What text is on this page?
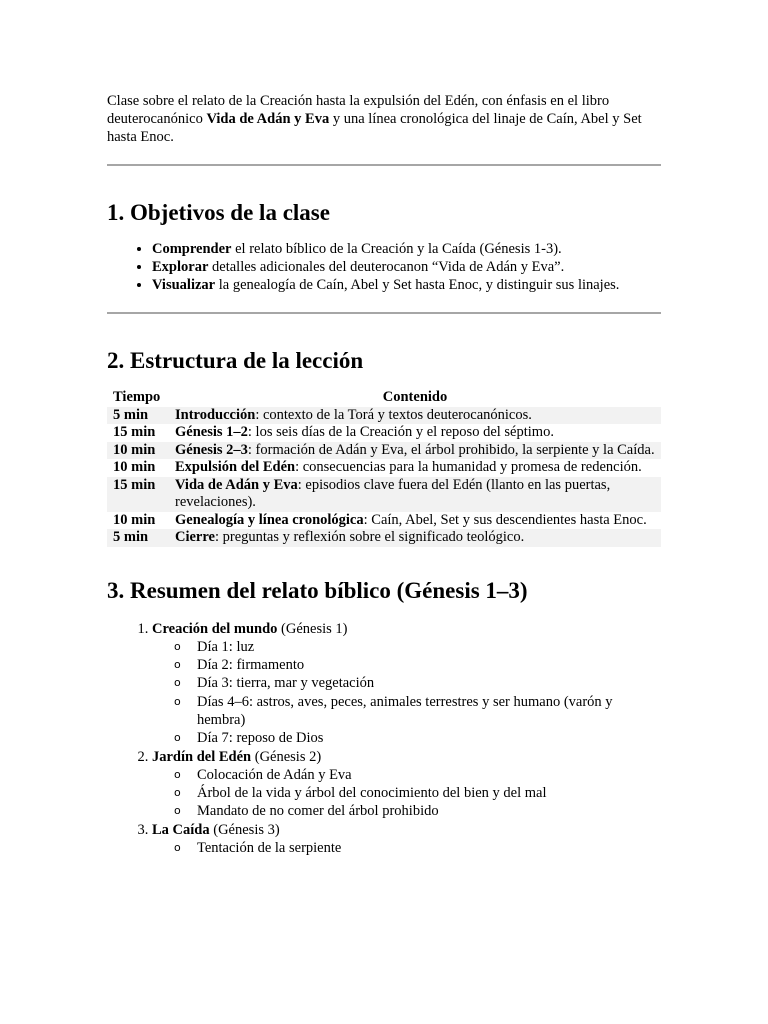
Clase sobre el relato de la Creación hasta la expulsión del Edén, con énfasis en el libro deuterocanónico Vida de Adán y Eva y una línea cronológica del linaje de Caín, Abel y Set hasta Enoc.

1. Objetivos de la clase
• Comprender el relato bíblico de la Creación y la Caída (Génesis 1-3).
• Explorar detalles adicionales del deuterocanon “Vida de Adán y Eva”.
• Visualizar la genealogía de Caín, Abel y Set hasta Enoc, y distinguir sus linajes.
2. Estructura de la lección
Tiempo	Contenido
5 min	Introducción: contexto de la Torá y textos deuterocanónicos.
15 min	Génesis 1–2: los seis días de la Creación y el reposo del séptimo.
10 min	Génesis 2–3: formación de Adán y Eva, el árbol prohibido, la serpiente y la Caída.
10 min	Expulsión del Edén: consecuencias para la humanidad y promesa de redención.
15 min	Vida de Adán y Eva: episodios clave fuera del Edén (llanto en las puertas, revelaciones).
10 min	Genealogía y línea cronológica: Caín, Abel, Set y sus descendientes hasta Enoc.
5 min	Cierre: preguntas y reflexión sobre el significado teológico.
3. Resumen del relato bíblico (Génesis 1–3)
1. Creación del mundo (Génesis 1)
o Día 1: luz
o Día 2: firmamento
o Día 3: tierra, mar y vegetación
o Días 4–6: astros, aves, peces, animales terrestres y ser humano (varón y hembra)
o Día 7: reposo de Dios
2. Jardín del Edén (Génesis 2)
o Colocación de Adán y Eva
o Árbol de la vida y árbol del conocimiento del bien y del mal
o Mandato de no comer del árbol prohibido
3. La Caída (Génesis 3)
o Tentación de la serpiente
